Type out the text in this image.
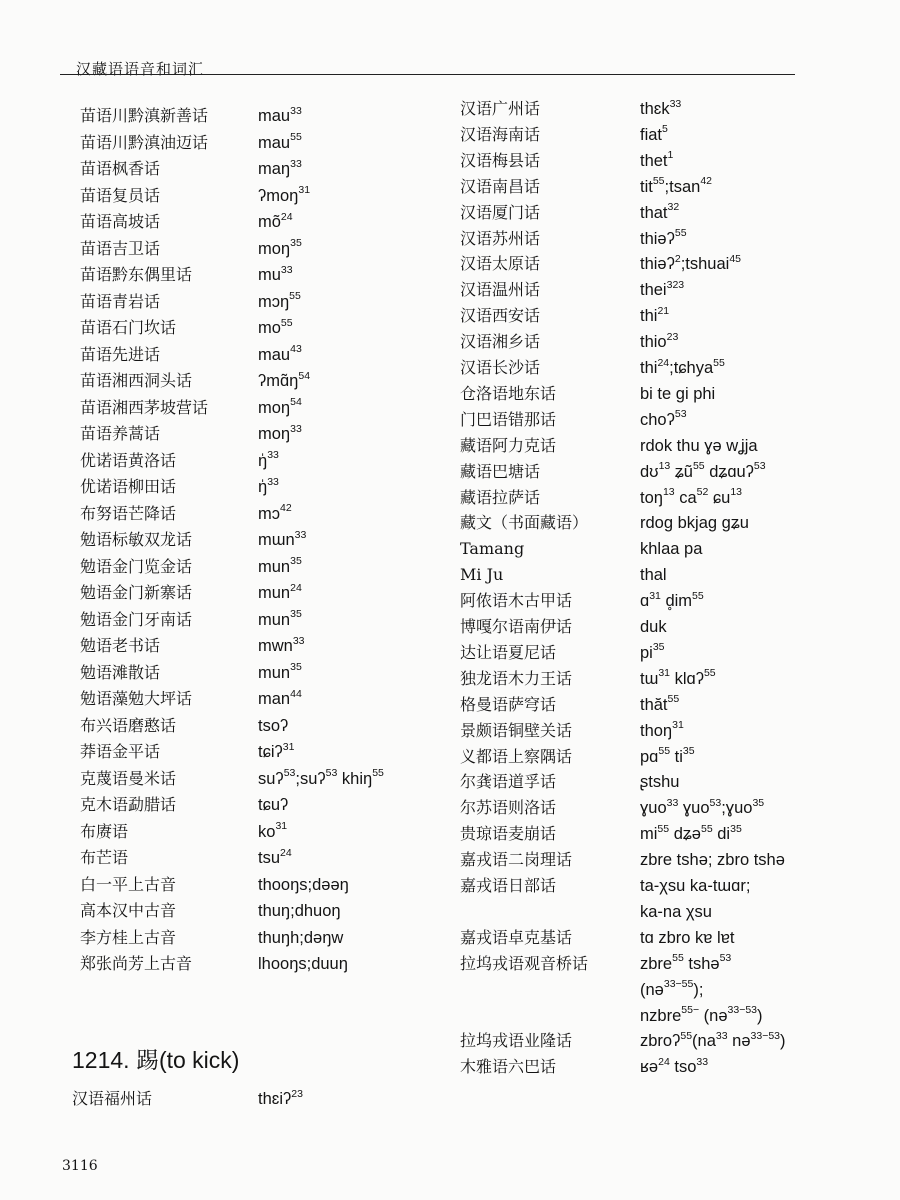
汉藏语语音和词汇
苗语川黔滇新善话	mau$^{33}$
苗语川黔滇油迈话	mau$^{55}$
苗语枫香话	maŋ$^{33}$
苗语复员话	ʔmoŋ$^{31}$
苗语高坡话	$mõ^{24}$
苗语吉卫话	moŋ$^{35}$
苗语黔东偶里话	$mu^{33}$
苗语青岩话	mɔŋ$^{55}$
苗语石门坎话	$mo^{55}$
苗语先进话	mau$^{43}$
苗语湘西洞头话	$ʔmɑ̃ŋ^{54}$
苗语湘西茅坡营话	moŋ$^{54}$
苗语养蒿话	moŋ$^{33}$
优诺语黄洛话	ŋ̍$^{33}$
优诺语柳田话	ŋ̍$^{33}$
布努语芒降话	mɔ$^{42}$
勉语标敏双龙话	mɯn$^{33}$
勉语金门览金话	mun$^{35}$
勉语金门新寨话	mun$^{24}$
勉语金门牙南话	mun$^{35}$
勉语老书话	mwn$^{33}$
勉语滩散话	mun$^{35}$
勉语藻勉大坪话	man$^{44}$
布兴语磨憨话	tsoʔ
莽语金平话	tɕiʔ$^{31}$
克蔑语曼米话	suʔ$^{53}$;suʔ$^{53}$ khiŋ$^{55}$
克木语勐腊话	tɕuʔ
布赓语	$ko^{31}$
布芒语	tsu$^{24}$
白一平上古音	thooŋs;dəəŋ
高本汉中古音	thuŋ;dhuoŋ
李方桂上古音	thuŋh;dəŋw
郑张尚芳上古音	lhooŋs;duuŋ
1214. 踢(to kick)
汉语福州话	thɛiʔ$^{23}$
汉语广州话	thɛk$^{33}$
汉语海南话	fiat$^5$
汉语梅县话	thet$^1$
汉语南昌话	tit$^{55}$;tsan$^{42}$
汉语厦门话	that$^{32}$
汉语苏州话	thiəʔ$^{55}$
汉语太原话	thiəʔ$^2$;tshuai$^{45}$
汉语温州话	thei$^{323}$
汉语西安话	thi$^{21}$
汉语湘乡话	thio$^{23}$
汉语长沙话	thi$^{24}$;tɕhya$^{55}$
仓洛语地东话	bi te gi phi
门巴语错那话	choʔ$^{53}$
藏语阿力克话	rdok thu ɣə wʝja
藏语巴塘话	dʊ$^{13}$ ʑũ$^{55}$ dʑɑuʔ$^{53}$
藏语拉萨话	toŋ$^{13}$ $ca^{52}$ ɕu$^{13}$
藏文（书面藏语）	rdog bkjag gʑu
Tamang	khlaa pa
Mi Ju	thal
阿侬语木古甲话	ɑ$^{31}$ $d̥im^{55}$
博嘎尔语南伊话	duk
达让语夏尼话	$pi^{35}$
独龙语木力王话	tɯ$^{31}$ klɑʔ$^{55}$
格曼语萨穹话	thăt$^{55}$
景颇语铜壁关话	thoŋ$^{31}$
义都语上察隅话	pɑ$^{55}$ $ti^{35}$
尔龚语道孚话	ʂtshu
尔苏语则洛话	ɣuo$^{33}$ ɣuo$^{53}$;ɣuo$^{35}$
贵琼语麦崩话	$mi^{55}$ dʑə$^{55}$ $di^{35}$
嘉戎语二岗理话	zbre tshə; zbro tshə
嘉戎语日部话	ta-χsu ka-tɯɑr;
ka-na χsu
嘉戎语卓克基话	tɑ zbro kɐ lɐt
拉坞戎语观音桥话	zbre$^{55}$ tshə$^{53}$
(nə$^{33-55}$);
nzbre$^{55-}$ (nə$^{33-53}$)
拉坞戎语业隆话	$zbroʔ^{55}(na^{33}$ nə$^{33-53}$)
木雅语六巴话	ʁə$^{24}$ tso$^{33}$
3116
